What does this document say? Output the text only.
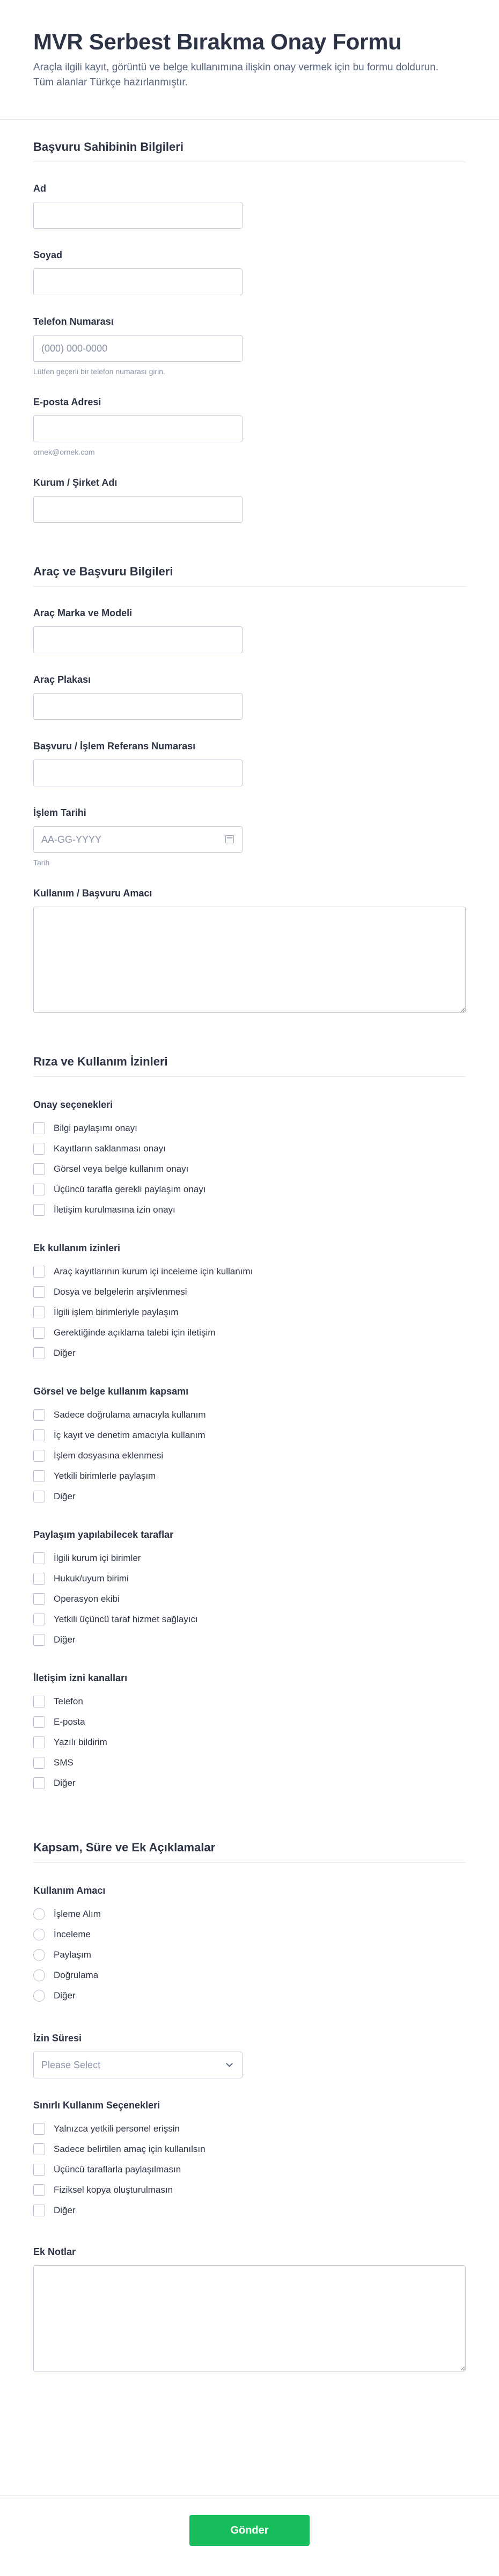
MVR Serbest Bırakma Onay Formu
Araçla ilgili kayıt, görüntü ve belge kullanımına ilişkin onay vermek için bu formu doldurun. Tüm alanlar Türkçe hazırlanmıştır.
Başvuru Sahibinin Bilgileri
Ad
Soyad
Telefon Numarası
(000) 000-0000
Lütfen geçerli bir telefon numarası girin.
E-posta Adresi
ornek@ornek.com
Kurum / Şirket Adı
Araç ve Başvuru Bilgileri
Araç Marka ve Modeli
Araç Plakası
Başvuru / İşlem Referans Numarası
İşlem Tarihi
AA-GG-YYYY
Tarih
Kullanım / Başvuru Amacı
Rıza ve Kullanım İzinleri
Onay seçenekleri
Bilgi paylaşımı onayı
Kayıtların saklanması onayı
Görsel veya belge kullanım onayı
Üçüncü tarafla gerekli paylaşım onayı
İletişim kurulmasına izin onayı
Ek kullanım izinleri
Araç kayıtlarının kurum içi inceleme için kullanımı
Dosya ve belgelerin arşivlenmesi
İlgili işlem birimleriyle paylaşım
Gerektiğinde açıklama talebi için iletişim
Diğer
Görsel ve belge kullanım kapsamı
Sadece doğrulama amacıyla kullanım
İç kayıt ve denetim amacıyla kullanım
İşlem dosyasına eklenmesi
Yetkili birimlerle paylaşım
Diğer
Paylaşım yapılabilecek taraflar
İlgili kurum içi birimler
Hukuk/uyum birimi
Operasyon ekibi
Yetkili üçüncü taraf hizmet sağlayıcı
Diğer
İletişim izni kanalları
Telefon
E-posta
Yazılı bildirim
SMS
Diğer
Kapsam, Süre ve Ek Açıklamalar
Kullanım Amacı
İşleme Alım
İnceleme
Paylaşım
Doğrulama
Diğer
İzin Süresi
Please Select
Sınırlı Kullanım Seçenekleri
Yalnızca yetkili personel erişsin
Sadece belirtilen amaç için kullanılsın
Üçüncü taraflarla paylaşılmasın
Fiziksel kopya oluşturulmasın
Diğer
Ek Notlar
Gönder
